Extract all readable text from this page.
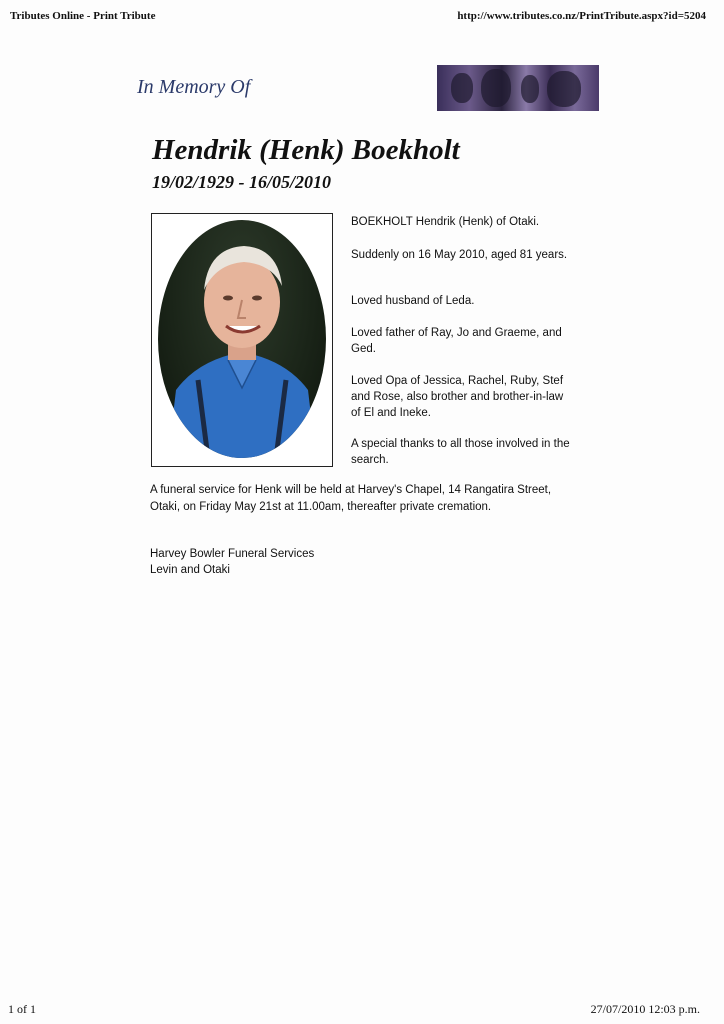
Tributes Online - Print Tribute	http://www.tributes.co.nz/PrintTribute.aspx?id=5204
In Memory Of
Hendrik (Henk) Boekholt
19/02/1929 - 16/05/2010
BOEKHOLT Hendrik (Henk) of Otaki.
Suddenly on 16 May 2010, aged 81 years.
Loved husband of Leda.
Loved father of Ray, Jo and Graeme, and Ged.
Loved Opa of Jessica, Rachel, Ruby, Stef and Rose, also brother and brother-in-law of El and Ineke.
A special thanks to all those involved in the search.
A funeral service for Henk will be held at Harvey's Chapel, 14 Rangatira Street, Otaki, on Friday May 21st at 11.00am, thereafter private cremation.
Harvey Bowler Funeral Services
Levin and Otaki
1 of 1	27/07/2010 12:03 p.m.
